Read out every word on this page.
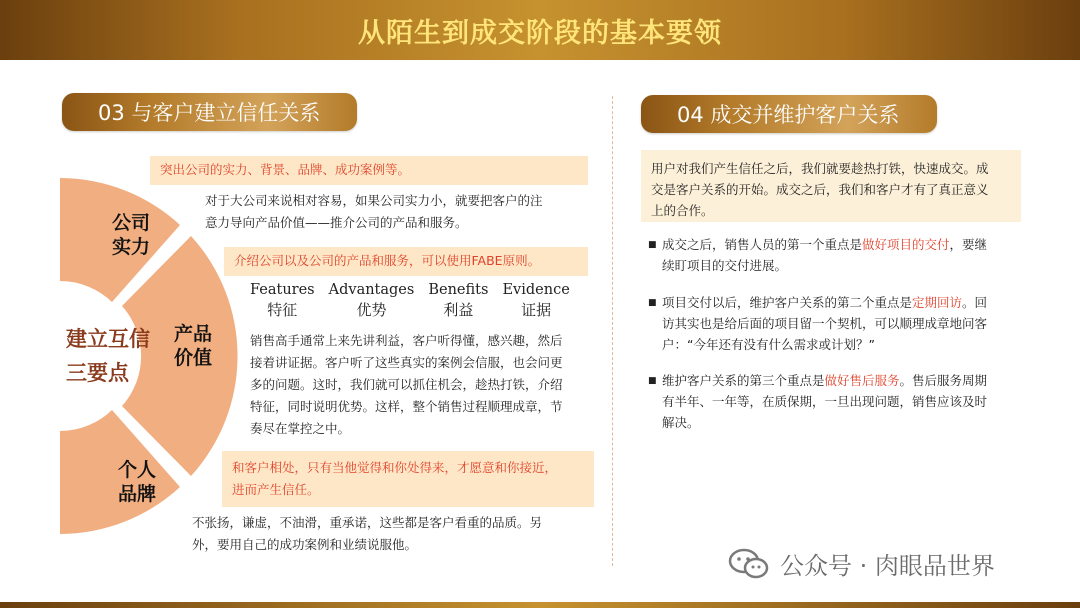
从陌生到成交阶段的基本要领
03 与客户建立信任关系
公司
实力
产品
价值
个人
品牌
建立互信
三要点
突出公司的实力、背景、品牌、成功案例等。
对于大公司来说相对容易，如果公司实力小，就要把客户的注
意力导向产品价值——推介公司的产品和服务。
介绍公司以及公司的产品和服务，可以使用FABE原则。
Features
特征
Advantages
优势
Benefits
利益
Evidence
证据
销售高手通常上来先讲利益，客户听得懂，感兴趣，然后
接着讲证据。客户听了这些真实的案例会信服，也会问更
多的问题。这时，我们就可以抓住机会，趁热打铁，介绍
特征，同时说明优势。这样，整个销售过程顺理成章，节
奏尽在掌控之中。
和客户相处，只有当他觉得和你处得来，才愿意和你接近，
进而产生信任。
不张扬，谦虚，不油滑，重承诺，这些都是客户看重的品质。另
外，要用自己的成功案例和业绩说服他。
04 成交并维护客户关系
用户对我们产生信任之后，我们就要趁热打铁，快速成交。成
交是客户关系的开始。成交之后，我们和客户才有了真正意义
上的合作。
■ 成交之后，销售人员的第一个重点是做好项目的交付，要继
续盯项目的交付进展。
■ 项目交付以后，维护客户关系的第二个重点是定期回访。回
访其实也是给后面的项目留一个契机，可以顺理成章地问客
户：“今年还有没有什么需求或计划？”
■ 维护客户关系的第三个重点是做好售后服务。售后服务周期
有半年、一年等，在质保期，一旦出现问题，销售应该及时
解决。
公众号 · 肉眼品世界
